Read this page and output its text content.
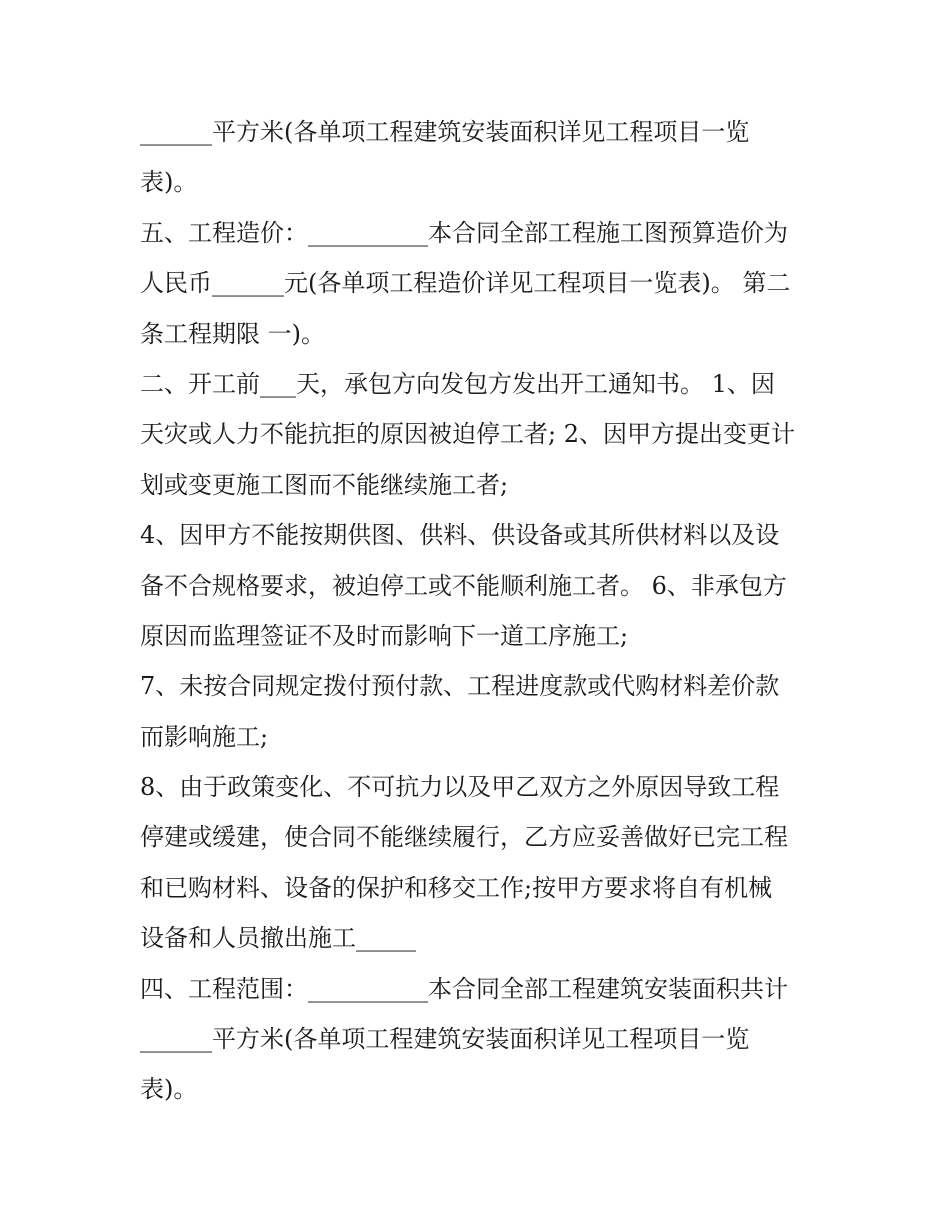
______平方米(各单项工程建筑安装面积详见工程项目一览
表)。
五、工程造价：__________本合同全部工程施工图预算造价为
人民币______元(各单项工程造价详见工程项目一览表)。 第二
条工程期限 一)。
二、开工前___天，承包方向发包方发出开工通知书。 1、因
天灾或人力不能抗拒的原因被迫停工者; 2、因甲方提出变更计
划或变更施工图而不能继续施工者;
4、因甲方不能按期供图、供料、供设备或其所供材料以及设
备不合规格要求，被迫停工或不能顺利施工者。 6、非承包方
原因而监理签证不及时而影响下一道工序施工;
7、未按合同规定拨付预付款、工程进度款或代购材料差价款
而影响施工;
8、由于政策变化、不可抗力以及甲乙双方之外原因导致工程
停建或缓建，使合同不能继续履行，乙方应妥善做好已完工程
和已购材料、设备的保护和移交工作;按甲方要求将自有机械
设备和人员撤出施工_____
四、工程范围：__________本合同全部工程建筑安装面积共计
______平方米(各单项工程建筑安装面积详见工程项目一览
表)。
